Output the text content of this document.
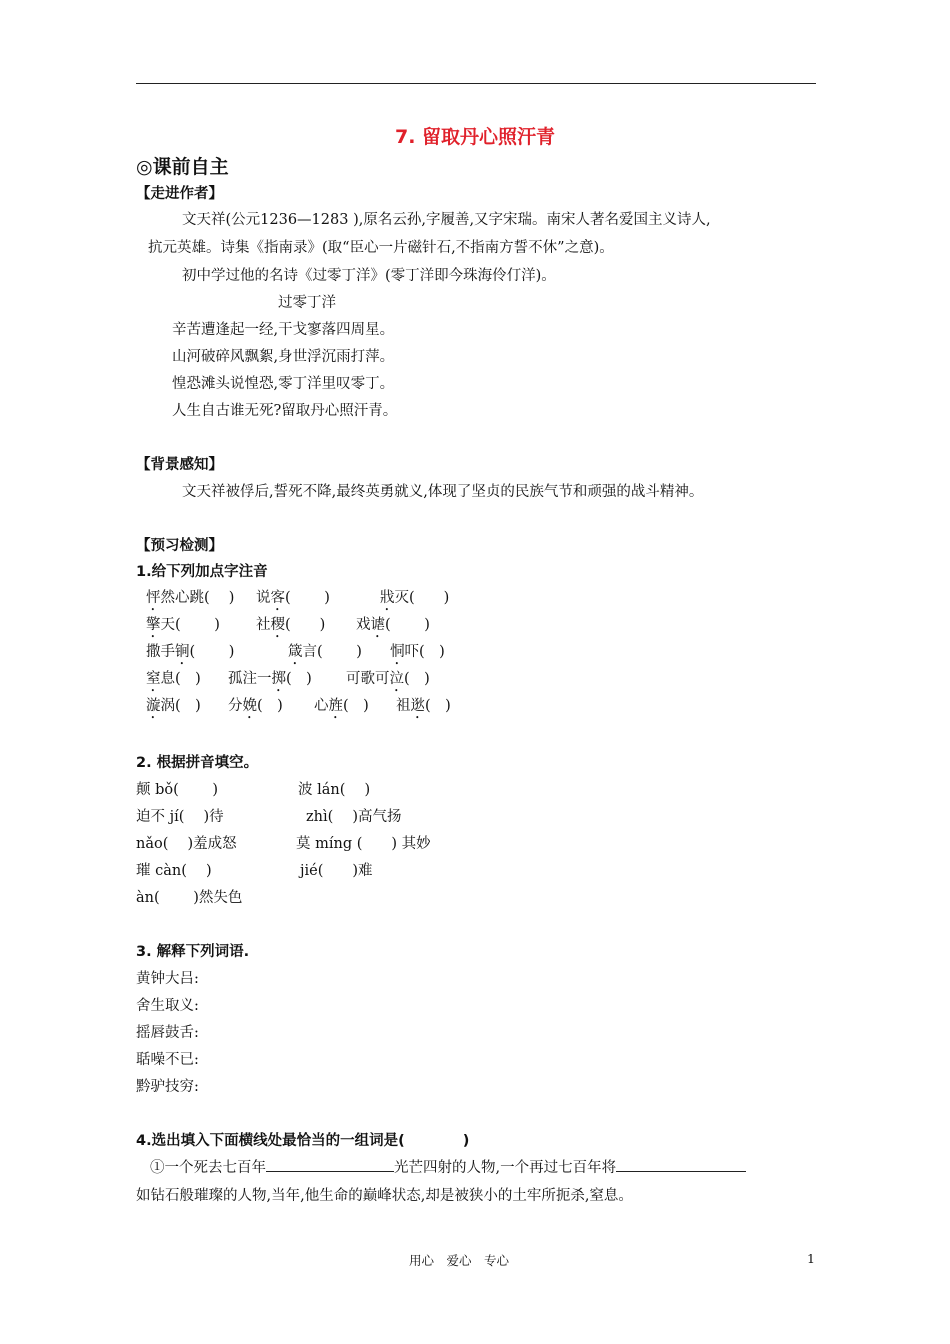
7. 留取丹心照汗青
◎课前自主
【走进作者】
文天祥(公元1236—1283 ),原名云孙,字履善,又字宋瑞。南宋人著名爱国主义诗人,
抗元英雄。诗集《指南录》(取“臣心一片磁针石,不指南方誓不休”之意)。
初中学过他的名诗《过零丁洋》(零丁洋即今珠海伶仃洋)。
过零丁洋
辛苦遭逢起一经,干戈寥落四周星。
山河破碎风飘絮,身世浮沉雨打萍。
惶恐滩头说惶恐,零丁洋里叹零丁。
人生自古谁无死?留取丹心照汗青。
【背景感知】
文天祥被俘后,誓死不降,最终英勇就义,体现了坚贞的民族气节和顽强的战斗精神。
【预习检测】
1.给下列加点字注音
怦然心跳(　 ) 说客(　　 )	戕灭(　　)
擎天(　　 ) 社稷(　　) 戏谑(　　 )
撒手锏(　　 )	箴言(　　 ) 恫吓(　)
窒息(　) 孤注一掷(　) 可歌可泣(　)
漩涡(　) 分娩(　) 心旌(　) 祖逖(　)
2. 根据拼音填空。
颠 bǒ(　　 )	波 lán(　 )
迫不 jí(　 )待	zhì(　 )高气扬
nǎo(　 )羞成怒	莫 míng (　　) 其妙
璀 càn(　 )	jié(　　)难
àn(　　 )然失色
3. 解释下列词语.
黄钟大吕:
舍生取义:
摇唇鼓舌:
聒噪不已:
黔驴技穷:
4.选出填入下面横线处最恰当的一组词是(　　　　)
①一个死去七百年	光芒四射的人物,一个再过七百年将
如钻石般璀璨的人物,当年,他生命的巅峰状态,却是被狭小的土牢所扼杀,窒息。
用心　爱心　专心	1
